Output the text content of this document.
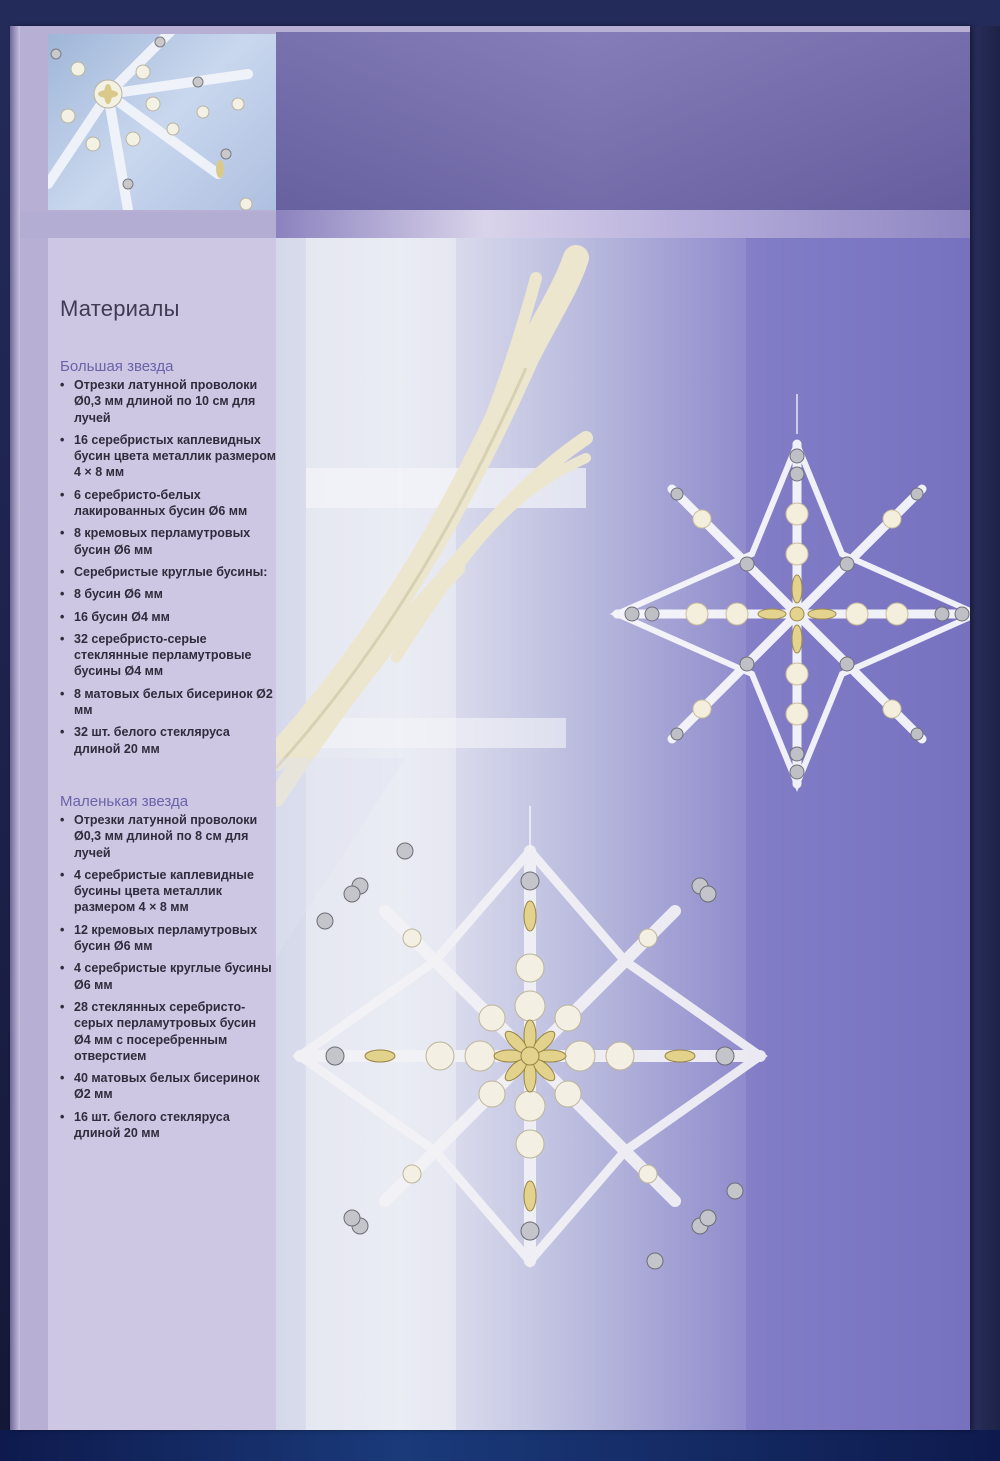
Материалы
Большая звезда
• Отрезки латунной проволоки Ø0,3 мм длиной по 10 см для лучей
• 16 серебристых каплевидных бусин цвета металлик размером 4 × 8 мм
• 6 серебристо-белых лакированных бусин Ø6 мм
• 8 кремовых перламутровых бусин Ø6 мм
• Серебристые круглые бусины:
• 8 бусин Ø6 мм
• 16 бусин Ø4 мм
• 32 серебристо-серые стеклянные перламутровые бусины Ø4 мм
• 8 матовых белых бисеринок Ø2 мм
• 32 шт. белого стекляруса длиной 20 мм
Маленькая звезда
• Отрезки латунной проволоки Ø0,3 мм длиной по 8 см для лучей
• 4 серебристые каплевидные бусины цвета металлик размером 4 × 8 мм
• 12 кремовых перламутровых бусин Ø6 мм
• 4 серебристые круглые бусины Ø6 мм
• 28 стеклянных серебристо-серых перламутровых бусин Ø4 мм с посеребренным отверстием
• 40 матовых белых бисеринок Ø2 мм
• 16 шт. белого стекляруса длиной 20 мм
